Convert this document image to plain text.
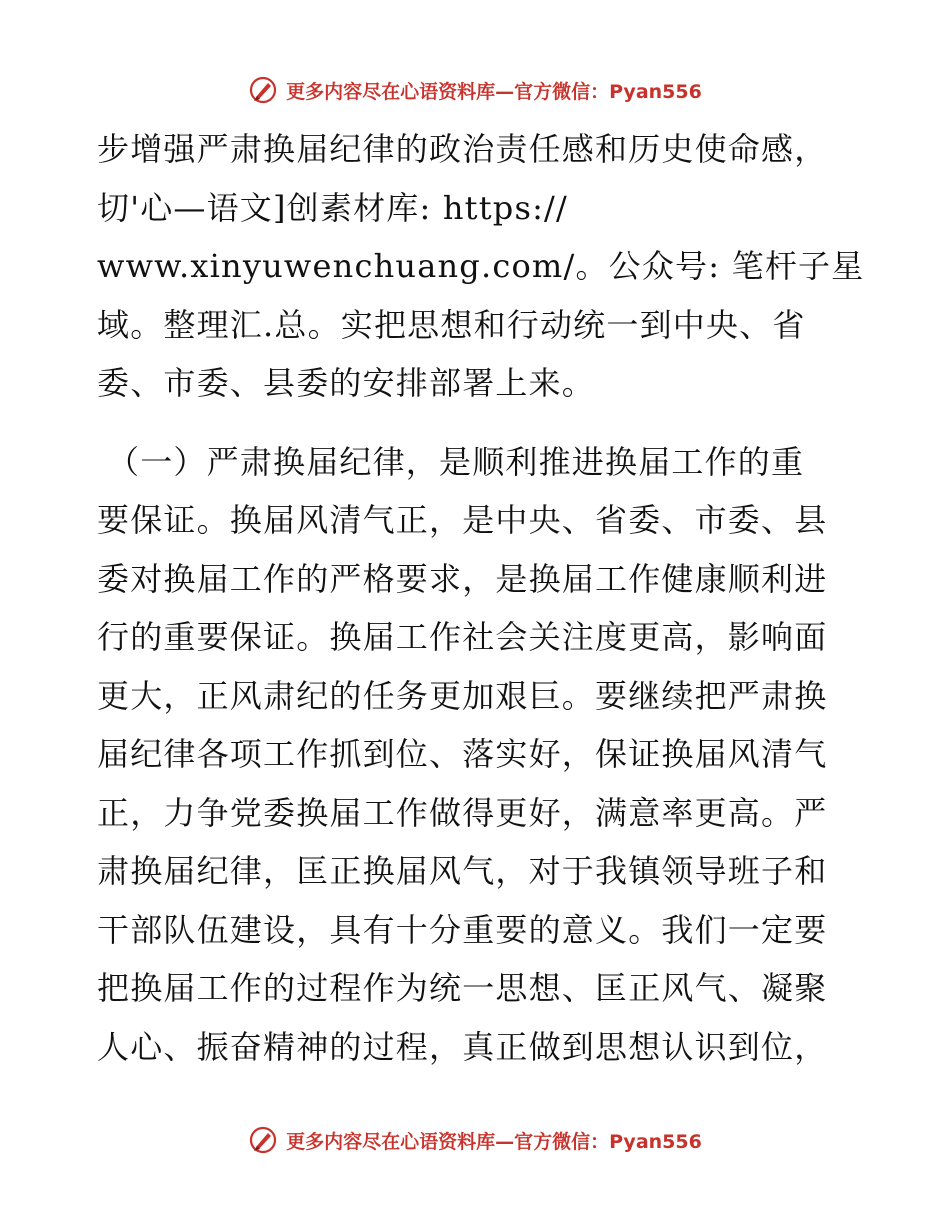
更多内容尽在心语资料库—官方微信：Pyan556
步增强严肃换届纪律的政治责任感和历史使命感，
切'心—语文]创素材库: https://
www.xinyuwenchuang.com/。公众号: 笔杆子星
域。整理汇.总。实把思想和行动统一到中央、省
委、市委、县委的安排部署上来。
（一）严肃换届纪律，是顺利推进换届工作的重
要保证。换届风清气正，是中央、省委、市委、县
委对换届工作的严格要求，是换届工作健康顺利进
行的重要保证。换届工作社会关注度更高，影响面
更大，正风肃纪的任务更加艰巨。要继续把严肃换
届纪律各项工作抓到位、落实好，保证换届风清气
正，力争党委换届工作做得更好，满意率更高。严
肃换届纪律，匡正换届风气，对于我镇领导班子和
干部队伍建设，具有十分重要的意义。我们一定要
把换届工作的过程作为统一思想、匡正风气、凝聚
人心、振奋精神的过程，真正做到思想认识到位，
更多内容尽在心语资料库—官方微信：Pyan556
